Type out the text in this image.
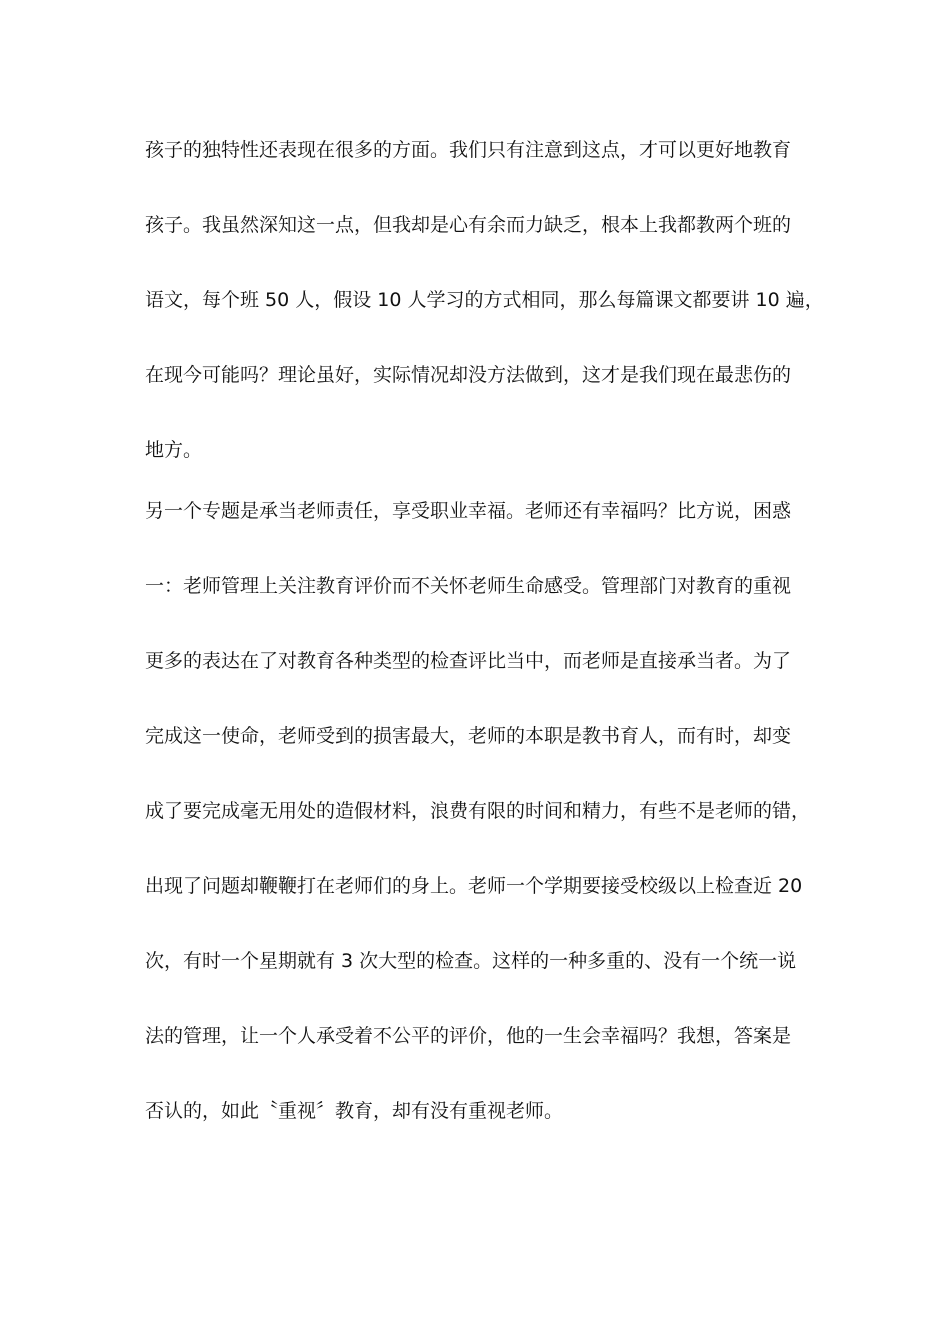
孩子的独特性还表现在很多的方面。我们只有注意到这点，才可以更好地教育
孩子。我虽然深知这一点，但我却是心有余而力缺乏，根本上我都教两个班的
语文，每个班 50 人，假设 10 人学习的方式相同，那么每篇课文都要讲 10 遍，
在现今可能吗？理论虽好，实际情况却没方法做到，这才是我们现在最悲伤的
地方。
另一个专题是承当老师责任，享受职业幸福。老师还有幸福吗？比方说，困惑
一：老师管理上关注教育评价而不关怀老师生命感受。管理部门对教育的重视
更多的表达在了对教育各种类型的检查评比当中，而老师是直接承当者。为了
完成这一使命，老师受到的损害最大，老师的本职是教书育人，而有时，却变
成了要完成毫无用处的造假材料，浪费有限的时间和精力，有些不是老师的错，
出现了问题却鞭鞭打在老师们的身上。老师一个学期要接受校级以上检查近 20
次，有时一个星期就有 3 次大型的检查。这样的一种多重的、没有一个统一说
法的管理，让一个人承受着不公平的评价，他的一生会幸福吗？我想，答案是
否认的，如此〝重视〞教育，却有没有重视老师。
